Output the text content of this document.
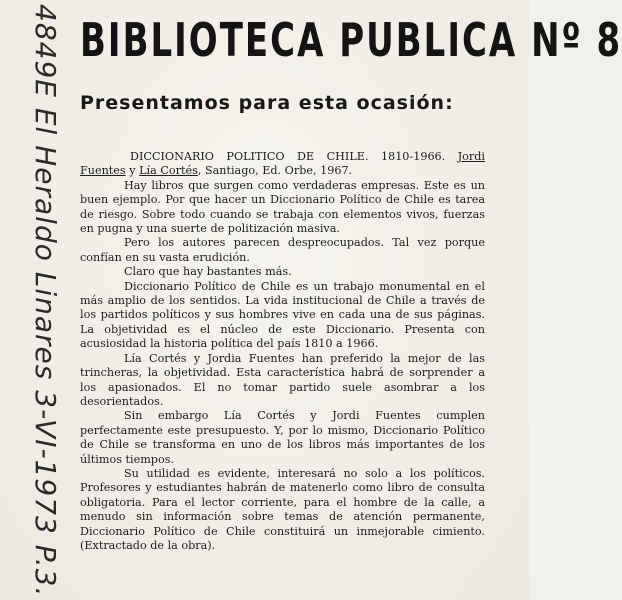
4849E El Heraldo Linares 3-VI-1973 P.3. BIBLIOTECA PUBLICA Nº 8
Presentamos para esta ocasión:

DICCIONARIO POLITICO DE CHILE. 1810-1966. Jordi Fuentes y Lía Cortés, Santiago, Ed. Orbe, 1967.

Hay libros que surgen como verdaderas empresas. Este es un buen ejemplo. Por que hacer un Diccionario Político de Chile es tarea de riesgo. Sobre todo cuando se trabaja con elementos vivos, fuerzas en pugna y una suerte de politización masiva.

Pero los autores parecen despreocupados. Tal vez porque confían en su vasta erudición.

Claro que hay bastantes más.

Diccionario Político de Chile es un trabajo monumental en el más amplio de los sentidos. La vida institucional de Chile a través de los partidos políticos y sus hombres vive en cada una de sus páginas. La objetividad es el núcleo de este Diccionario. Presenta con acusiosidad la historia política del país 1810 a 1966.

Lía Cortés y Jordia Fuentes han preferido la mejor de las trincheras, la objetividad. Esta característica habrá de sorprender a los apasionados. El no tomar partido suele asombrar a los desorientados.

Sin embargo Lía Cortés y Jordi Fuentes cumplen perfectamente este presupuesto. Y, por lo mismo, Diccionario Político de Chile se transforma en uno de los libros más importantes de los últimos tiempos.

Su utilidad es evidente, interesará no solo a los políticos. Profesores y estudiantes habrán de matenerlo como libro de consulta obligatoria. Para el lector corriente, para el hombre de la calle, a menudo sin información sobre temas de atención permanente, Diccionario Político de Chile constituirá un inmejorable cimiento. (Extractado de la obra).
